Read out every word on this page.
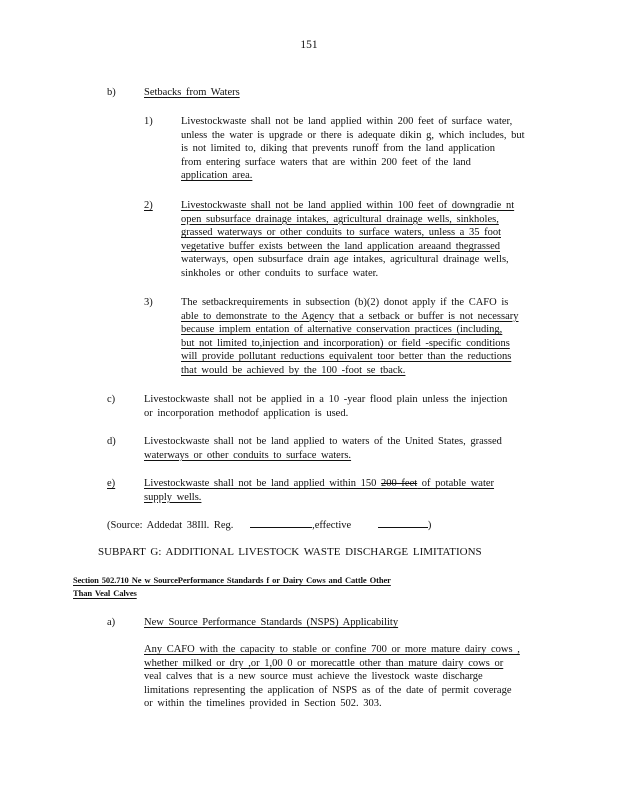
151
b)	Setbacks from Waters
1)	Livestockwaste shall not be land applied within 200 feet of surface water,
unless the water is upgrade or there is adequate dikin g, which includes, but
is not limited to, diking that prevents runoff from the land application
from entering surface waters that are within 200 feet of the land
application area.
2)	Livestockwaste shall not be land applied within 100 feet of downgradie nt
open subsurface drainage intakes, agricultural drainage wells, sinkholes,
grassed waterways or other conduits to surface waters, unless a 35 foot
vegetative buffer exists between the land application areaand thegrassed
waterways, open subsurface drain age intakes, agricultural drainage wells,
sinkholes or other conduits to surface water.
3)	The setbackrequirements in subsection (b)(2) donot apply if the CAFO is
able to demonstrate to the Agency that a setback or buffer is not necessary
because implem entation of alternative conservation practices (including,
but not limited to,injection and incorporation) or field -specific conditions
will provide pollutant reductions equivalent toor better than the reductions
that would be achieved by the 100 -foot se tback.
c)	Livestockwaste shall not be applied in a 10 -year flood plain unless the injection
or incorporation methodof application is used.
d)	Livestockwaste shall not be land applied to waters of the United States, grassed
waterways or other conduits to surface waters.
e)	Livestockwaste shall not be land applied within 150 200 feet of potable water
supply wells.
(Source: Addedat 38Ill. Reg.	,effective	)
SUBPART G: ADDITIONAL LIVESTOCK WASTE DISCHARGE LIMITATIONS
Section 502.710 Ne w SourcePerformance Standards f or Dairy Cows and Cattle Other
Than Veal Calves
a)	New Source Performance Standards (NSPS) Applicability
Any CAFO with the capacity to stable or confine 700 or more mature dairy cows ,
whether milked or dry ,or 1,00 0 or morecattle other than mature dairy cows or
veal calves that is a new source must achieve the livestock waste discharge
limitations representing the application of NSPS as of the date of permit coverage
or within the timelines provided in Section 502. 303.
